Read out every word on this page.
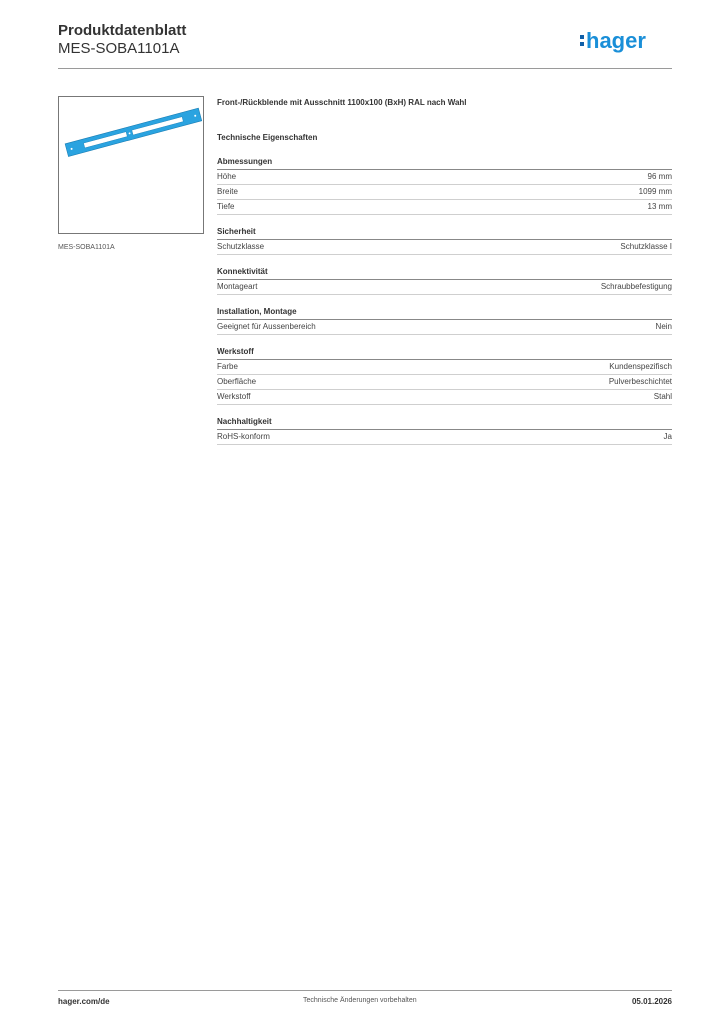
Produktdatenblatt
MES-SOBA1101A	hager
MES-SOBA1101A
Front-/Rückblende mit Ausschnitt 1100x100 (BxH) RAL nach Wahl
Technische Eigenschaften
Abmessungen
Höhe	96 mm
Breite	1099 mm
Tiefe	13 mm
Sicherheit
Schutzklasse	Schutzklasse I
Konnektivität
Montageart	Schraubbefestigung
Installation, Montage
Geeignet für Aussenbereich	Nein
Werkstoff
Farbe	Kundenspezifisch
Oberfläche	Pulverbeschichtet
Werkstoff	Stahl
Nachhaltigkeit
RoHS-konform	Ja
hager.com/de	Technische Änderungen vorbehalten	05.01.2026
